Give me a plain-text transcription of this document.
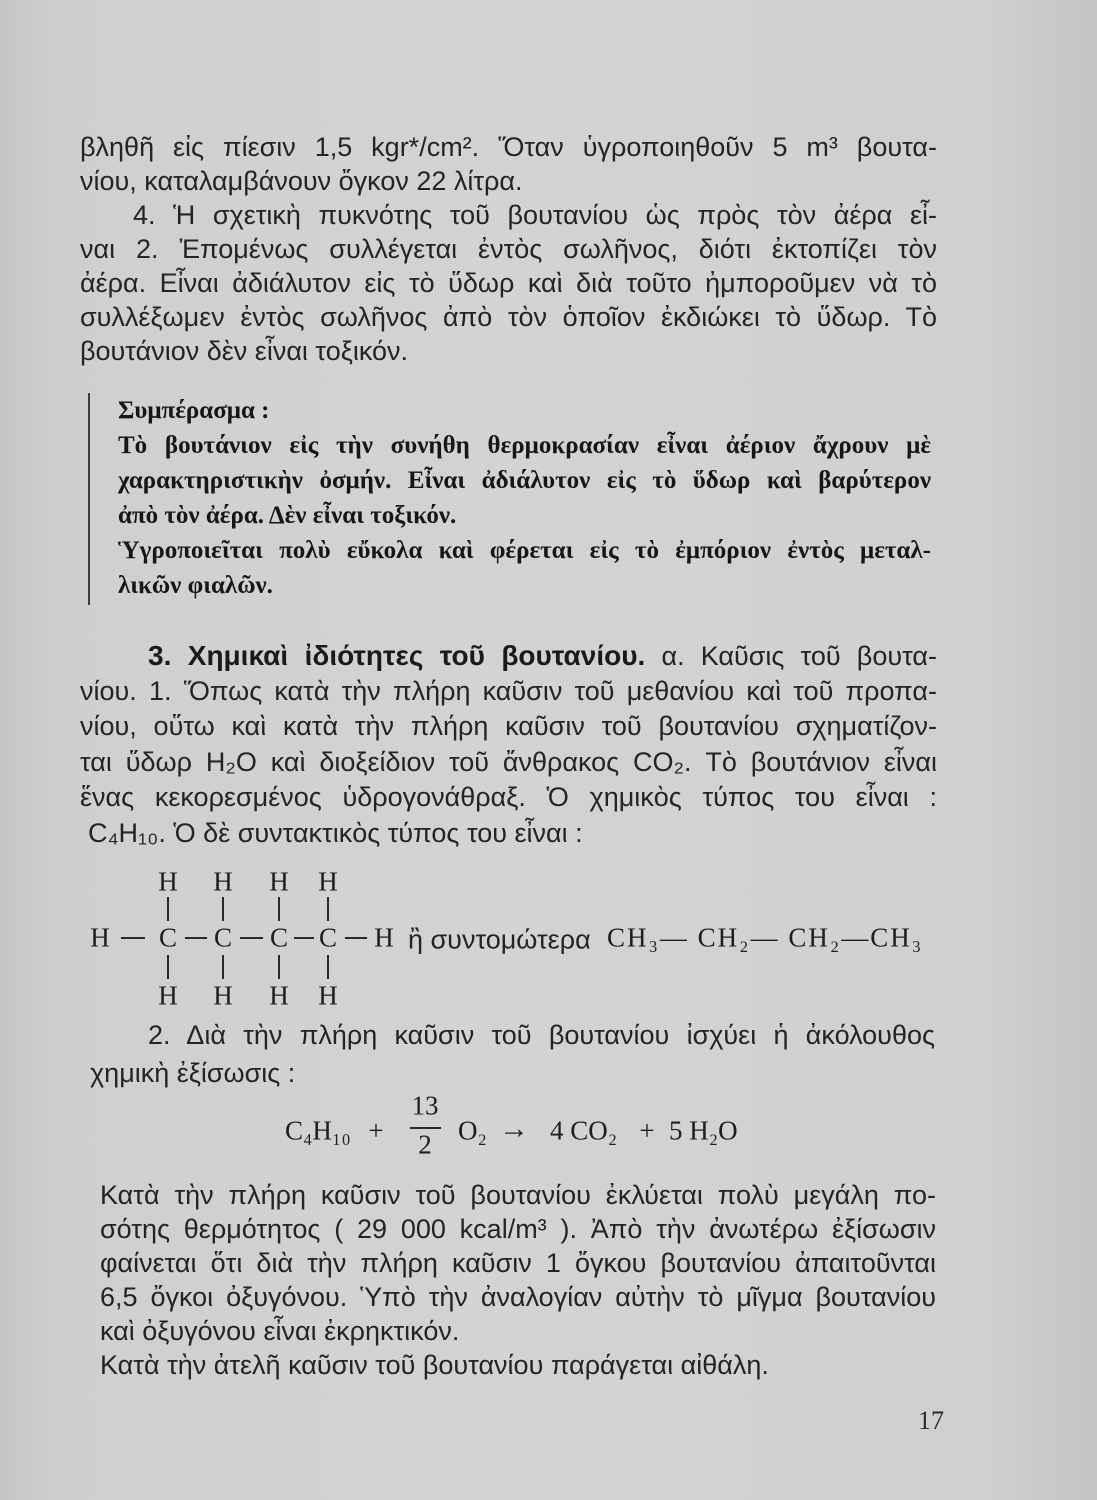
βληθῆ εἰς πίεσιν 1,5 kgr*/cm². Ὅταν ὑγροποιηθοῦν 5 m³ βουτα-
νίου, καταλαμβάνουν ὄγκον 22 λίτρα.
4. Ἡ σχετικὴ πυκνότης τοῦ βουτανίου ὡς πρὸς τὸν ἀέρα εἶ-
ναι 2. Ἐπομένως συλλέγεται ἐντὸς σωλῆνος, διότι ἐκτοπίζει τὸν
ἀέρα. Εἶναι ἀδιάλυτον εἰς τὸ ὕδωρ καὶ διὰ τοῦτο ἠμποροῦμεν νὰ τὸ
συλλέξωμεν ἐντὸς σωλῆνος ἀπὸ τὸν ὁποῖον ἐκδιώκει τὸ ὕδωρ. Τὸ
βουτάνιον δὲν εἶναι τοξικόν.
Συμπέρασμα :
Τὸ βουτάνιον εἰς τὴν συνήθη θερμοκρασίαν εἶναι ἀέριον ἄχρουν μὲ
χαρακτηριστικὴν ὀσμήν. Εἶναι ἀδιάλυτον εἰς τὸ ὕδωρ καὶ βαρύτερον
ἀπὸ τὸν ἀέρα. Δὲν εἶναι τοξικόν.
Ὑγροποιεῖται πολὺ εὔκολα καὶ φέρεται εἰς τὸ ἐμπόριον ἐντὸς μεταλ-
λικῶν φιαλῶν.
3. Χημικαὶ ἰδιότητες τοῦ βουτανίου. α. Καῦσις τοῦ βουτα-
νίου. 1. Ὅπως κατὰ τὴν πλήρη καῦσιν τοῦ μεθανίου καὶ τοῦ προπα-
νίου, οὕτω καὶ κατὰ τὴν πλήρη καῦσιν τοῦ βουτανίου σχηματίζον-
ται ὕδωρ H₂O καὶ διοξείδιον τοῦ ἄνθρακος CO₂. Τὸ βουτάνιον εἶναι
ἕνας κεκορεσμένος ὑδρογονάθραξ. Ὁ χημικὸς τύπος του εἶναι :
C₄H₁₀. Ὁ δὲ συντακτικὸς τύπος του εἶναι :
H H H H
H C C C C H
H H H H
ἢ συντομώτερα CH₃— CH₂— CH₂—CH₃
2. Διὰ τὴν πλήρη καῦσιν τοῦ βουτανίου ἰσχύει ἡ ἀκόλουθος
χημικὴ ἐξίσωσις :
C₄H₁₀ +
13
2 O₂ → 4 CO₂ + 5 H₂O
Κατὰ τὴν πλήρη καῦσιν τοῦ βουτανίου ἐκλύεται πολὺ μεγάλη πο-
σότης θερμότητος ( 29 000 kcal/m³ ). Ἀπὸ τὴν ἀνωτέρω ἐξίσωσιν
φαίνεται ὅτι διὰ τὴν πλήρη καῦσιν 1 ὄγκου βουτανίου ἀπαιτοῦνται
6,5 ὄγκοι ὀξυγόνου. Ὑπὸ τὴν ἀναλογίαν αὐτὴν τὸ μῖγμα βουτανίου
καὶ ὀξυγόνου εἶναι ἐκρηκτικόν.
Κατὰ τὴν ἀτελῆ καῦσιν τοῦ βουτανίου παράγεται αἰθάλη.
17
